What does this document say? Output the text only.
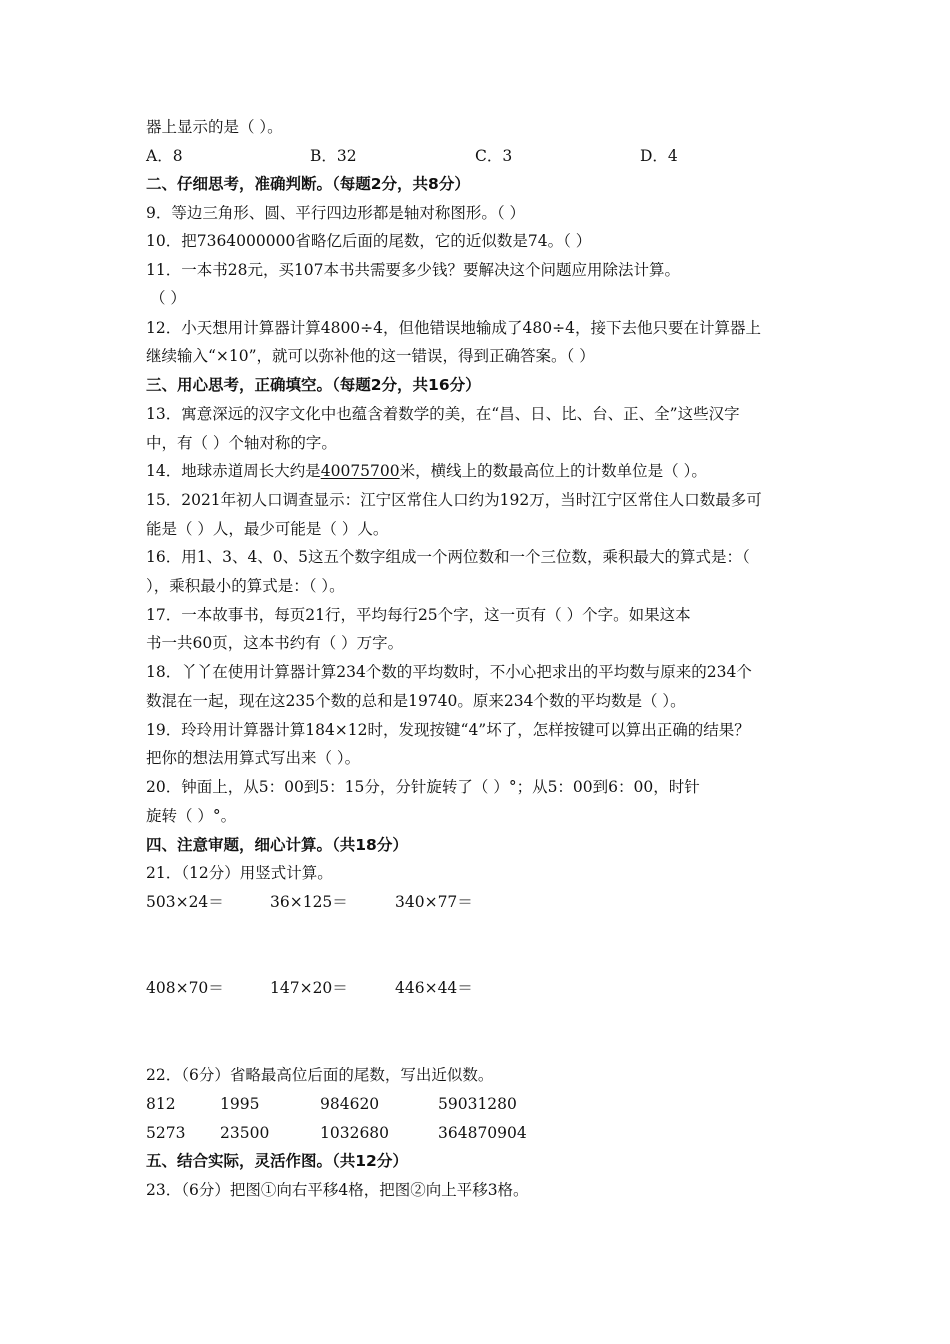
器上显示的是（ ）。
A．8	B．32	C．3	D．4
二、仔细思考，准确判断。（每题2分，共8分）
9．等边三角形、圆、平行四边形都是轴对称图形。（ ）
10．把7364000000省略亿后面的尾数，它的近似数是74。（ ）
11．一本书28元，买107本书共需要多少钱？要解决这个问题应用除法计算。
（ ）
12．小天想用计算器计算4800÷4，但他错误地输成了480÷4，接下去他只要在计算器上
继续输入“×10”，就可以弥补他的这一错误，得到正确答案。（ ）
三、用心思考，正确填空。（每题2分，共16分）
13．寓意深远的汉字文化中也蕴含着数学的美，在“昌、日、比、台、正、全”这些汉字
中，有（ ）个轴对称的字。
14．地球赤道周长大约是40075700米，横线上的数最高位上的计数单位是（ ）。
15．2021年初人口调查显示：江宁区常住人口约为192万，当时江宁区常住人口数最多可
能是（ ）人，最少可能是（ ）人。
16．用1、3、4、0、5这五个数字组成一个两位数和一个三位数，乘积最大的算式是：（
），乘积最小的算式是：（ ）。
17．一本故事书，每页21行，平均每行25个字，这一页有（ ）个字。如果这本
书一共60页，这本书约有（ ）万字。
18．丫丫在使用计算器计算234个数的平均数时，不小心把求出的平均数与原来的234个
数混在一起，现在这235个数的总和是19740。原来234个数的平均数是（ ）。
19．玲玲用计算器计算184×12时，发现按键“4”坏了，怎样按键可以算出正确的结果？
把你的想法用算式写出来（ ）。
20．钟面上，从5：00到5：15分，分针旋转了（ ）°；从5：00到6：00，时针
旋转（ ）°。
四、注意审题，细心计算。（共18分）
21．（12分）用竖式计算。
503×24＝	36×125＝	340×77＝
408×70＝	147×20＝	446×44＝
22．（6分）省略最高位后面的尾数，写出近似数。
812	1995	984620	59031280
5273 23500	1032680	364870904
五、结合实际，灵活作图。（共12分）
23．（6分）把图①向右平移4格，把图②向上平移3格。
